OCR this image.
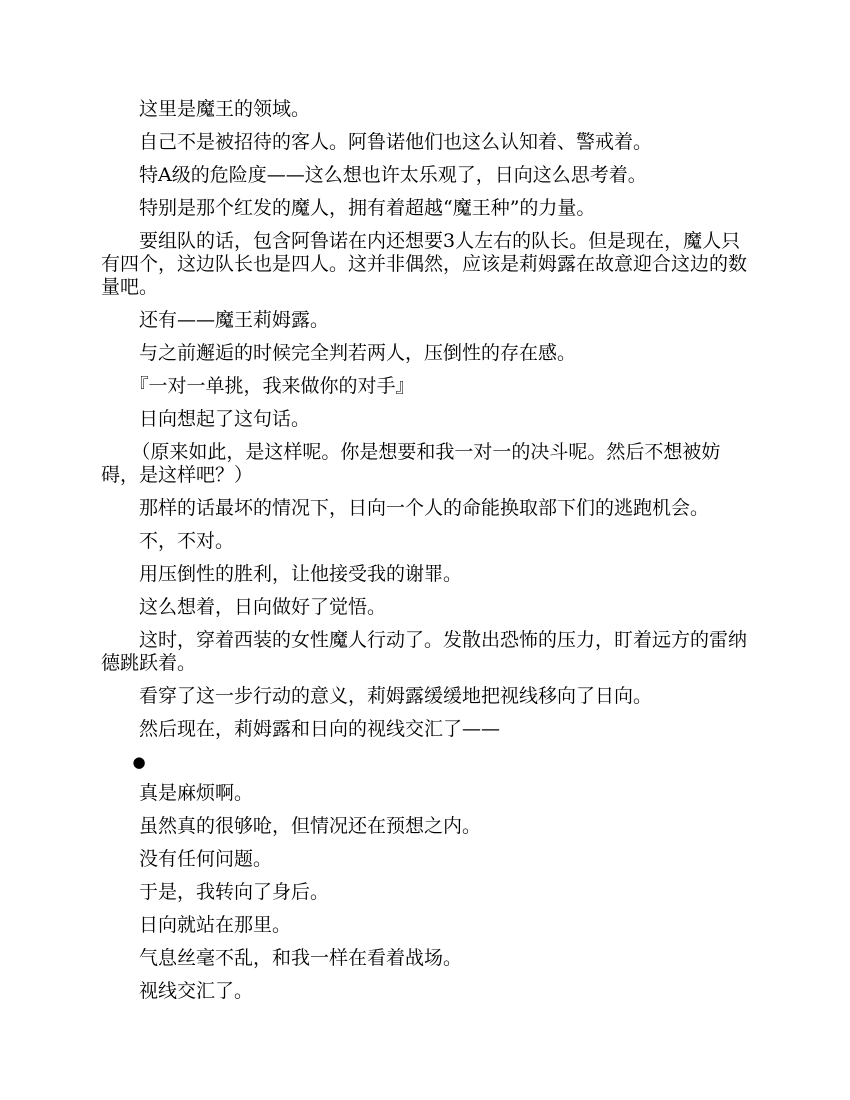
这里是魔王的领域。

自己不是被招待的客人。阿鲁诺他们也这么认知着、警戒着。

特A级的危险度——这么想也许太乐观了，日向这么思考着。

特别是那个红发的魔人，拥有着超越“魔王种”的力量。

要组队的话，包含阿鲁诺在内还想要3人左右的队长。但是现在，魔人只有四个，这边队长也是四人。这并非偶然，应该是莉姆露在故意迎合这边的数量吧。

还有——魔王莉姆露。

与之前邂逅的时候完全判若两人，压倒性的存在感。

『一对一单挑，我来做你的对手』

日向想起了这句话。

（原来如此，是这样呢。你是想要和我一对一的决斗呢。然后不想被妨碍，是这样吧？）

那样的话最坏的情况下，日向一个人的命能换取部下们的逃跑机会。

不，不对。

用压倒性的胜利，让他接受我的谢罪。

这么想着，日向做好了觉悟。

这时，穿着西装的女性魔人行动了。发散出恐怖的压力，盯着远方的雷纳德跳跃着。

看穿了这一步行动的意义，莉姆露缓缓地把视线移向了日向。

然后现在，莉姆露和日向的视线交汇了——

●

真是麻烦啊。

虽然真的很够呛，但情况还在预想之内。

没有任何问题。

于是，我转向了身后。

日向就站在那里。

气息丝毫不乱，和我一样在看着战场。

视线交汇了。
